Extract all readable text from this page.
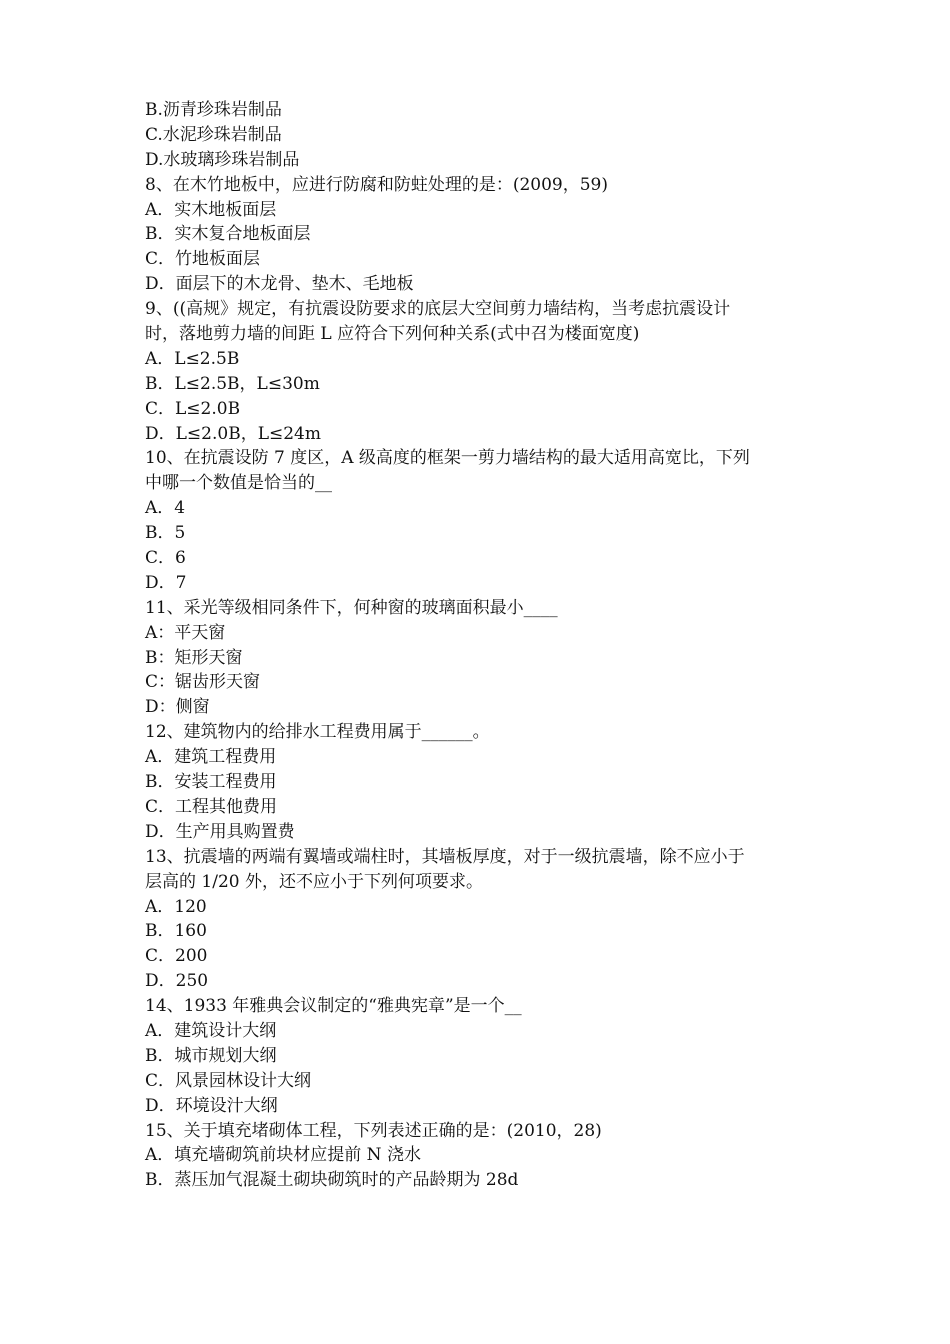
B.沥青珍珠岩制品
C.水泥珍珠岩制品
D.水玻璃珍珠岩制品
8、在木竹地板中，应进行防腐和防蛀处理的是：(2009，59)
A．实木地板面层
B．实木复合地板面层
C．竹地板面层
D．面层下的木龙骨、垫木、毛地板
9、((高规》规定，有抗震设防要求的底层大空间剪力墙结构，当考虑抗震设计
时，落地剪力墙的间距 L 应符合下列何种关系(式中召为楼面宽度)
A．L≤2.5B
B．L≤2.5B，L≤30m
C．L≤2.0B
D．L≤2.0B，L≤24m
10、在抗震设防 7 度区，A 级高度的框架一剪力墙结构的最大适用高宽比，下列
中哪一个数值是恰当的__
A．4
B．5
C．6
D．7
11、采光等级相同条件下，何种窗的玻璃面积最小____
A：平天窗
B：矩形天窗
C：锯齿形天窗
D：侧窗
12、建筑物内的给排水工程费用属于______。
A．建筑工程费用
B．安装工程费用
C．工程其他费用
D．生产用具购置费
13、抗震墙的两端有翼墙或端柱时，其墙板厚度，对于一级抗震墙，除不应小于
层高的 1/20 外，还不应小于下列何项要求。
A．120
B．160
C．200
D．250
14、1933 年雅典会议制定的“雅典宪章”是一个__
A．建筑设计大纲
B．城市规划大纲
C．风景园林设计大纲
D．环境设汁大纲
15、关于填充堵砌体工程，下列表述正确的是：(2010，28)
A．填充墙砌筑前块材应提前 N 浇水
B．蒸压加气混凝土砌块砌筑时的产品龄期为 28d
